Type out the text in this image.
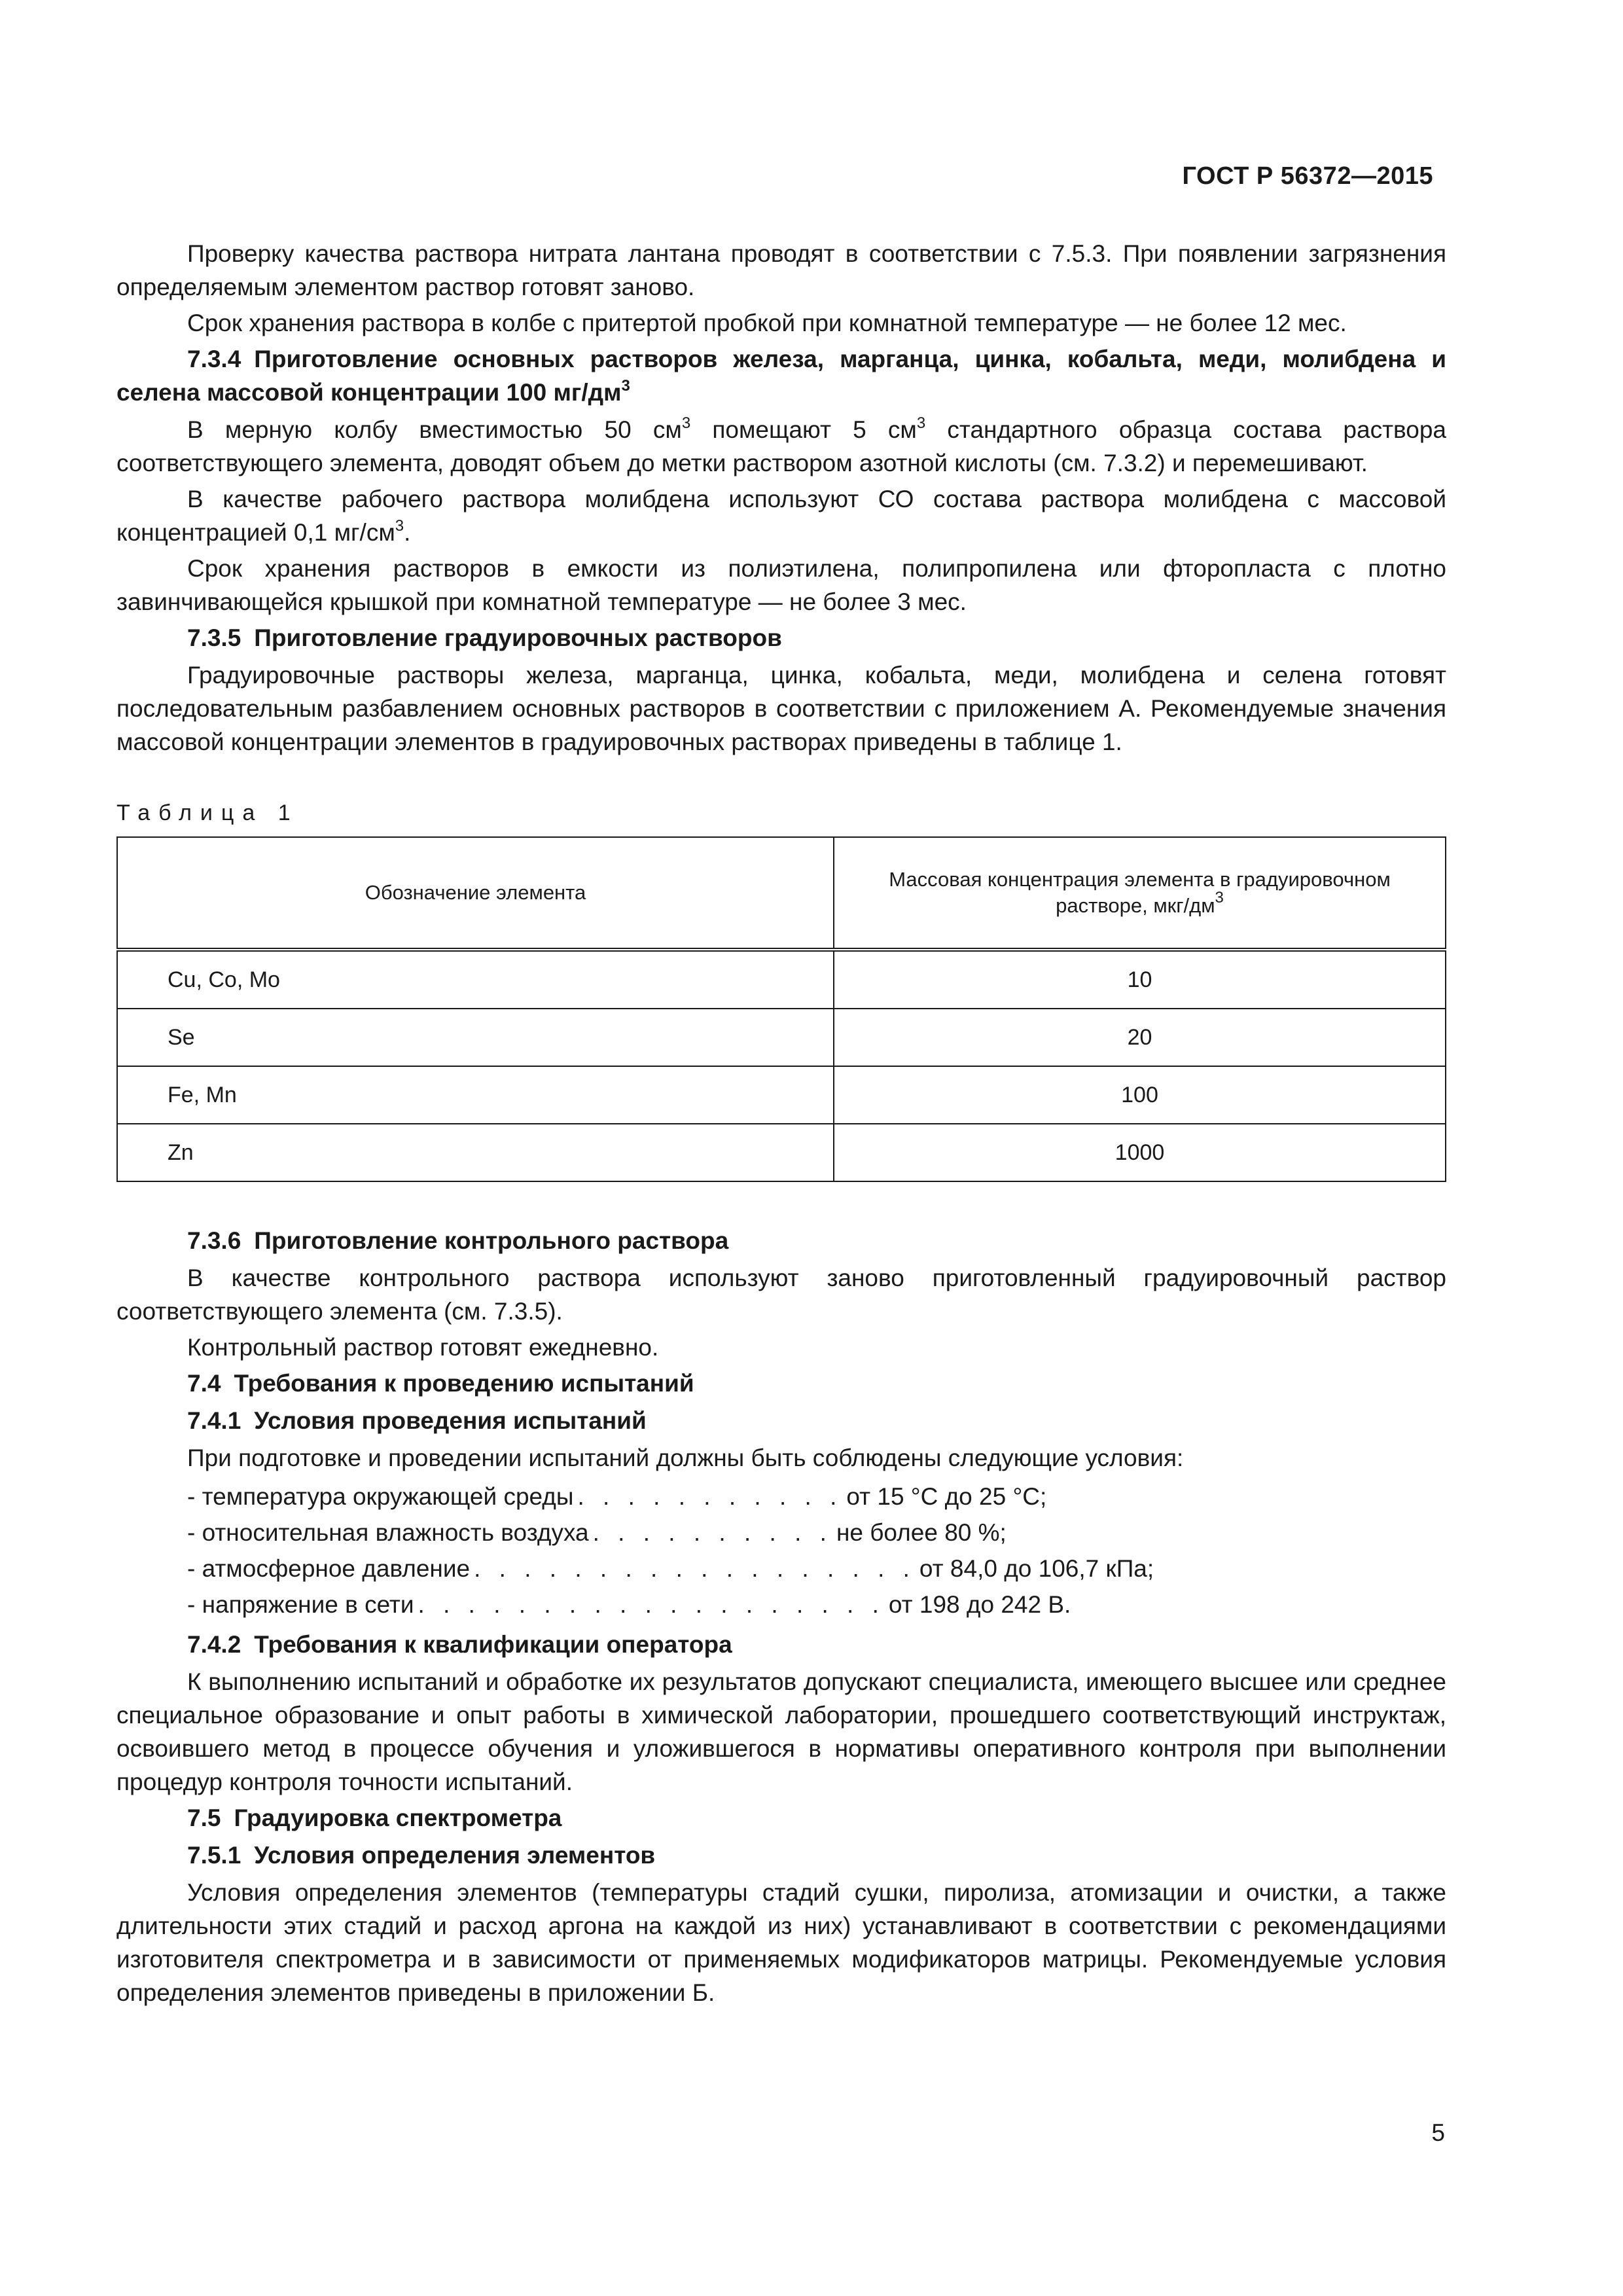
ГОСТ Р 56372—2015

Проверку качества раствора нитрата лантана проводят в соответствии с 7.5.3. При появлении загрязнения определяемым элементом раствор готовят заново.

Срок хранения раствора в колбе с притертой пробкой при комнатной температуре — не более 12 мес.

7.3.4 Приготовление основных растворов железа, марганца, цинка, кобальта, меди, молибдена и селена массовой концентрации 100 $мг/дм^3$

В мерную колбу вместимостью 50 $см^3$ помещают 5 $см^3$ стандартного образца состава раствора соответствующего элемента, доводят объем до метки раствором азотной кислоты (см. 7.3.2) и перемешивают.

В качестве рабочего раствора молибдена используют СО состава раствора молибдена с массовой концентрацией 0,1 $мг/см^3$.

Срок хранения растворов в емкости из полиэтилена, полипропилена или фторопласта с плотно завинчивающейся крышкой при комнатной температуре — не более 3 мес.

7.3.5 Приготовление градуировочных растворов

Градуировочные растворы железа, марганца, цинка, кобальта, меди, молибдена и селена готовят последовательным разбавлением основных растворов в соответствии с приложением А. Рекомендуемые значения массовой концентрации элементов в градуировочных растворах приведены в таблице 1.

Таблица 1
Обозначение элемента	Массовая концентрация элемента в градуировочном растворе, мкг/$дм^3$
Cu, Co, Mo	10
Se	20
Fe, Mn	100
Zn	1000

7.3.6 Приготовление контрольного раствора

В качестве контрольного раствора используют заново приготовленный градуировочный раствор соответствующего элемента (см. 7.3.5).

Контрольный раствор готовят ежедневно.

7.4 Требования к проведению испытаний

7.4.1 Условия проведения испытаний

При подготовке и проведении испытаний должны быть соблюдены следующие условия:

- температура окружающей среды . . . . . . . . . . . от 15 °С до 25 °С;
- относительная влажность воздуха . . . . . . . . . . не более 80 %;
- атмосферное давление . . . . . . . . . . . . . . . . . . от 84,0 до 106,7 кПа;
- напряжение в сети . . . . . . . . . . . . . . . . . . . от 198 до 242 В.

7.4.2 Требования к квалификации оператора

К выполнению испытаний и обработке их результатов допускают специалиста, имеющего высшее или среднее специальное образование и опыт работы в химической лаборатории, прошедшего соответствующий инструктаж, освоившего метод в процессе обучения и уложившегося в нормативы оперативного контроля при выполнении процедур контроля точности испытаний.

7.5 Градуировка спектрометра

7.5.1 Условия определения элементов

Условия определения элементов (температуры стадий сушки, пиролиза, атомизации и очистки, а также длительности этих стадий и расход аргона на каждой из них) устанавливают в соответствии с рекомендациями изготовителя спектрометра и в зависимости от применяемых модификаторов матрицы. Рекомендуемые условия определения элементов приведены в приложении Б.

5
